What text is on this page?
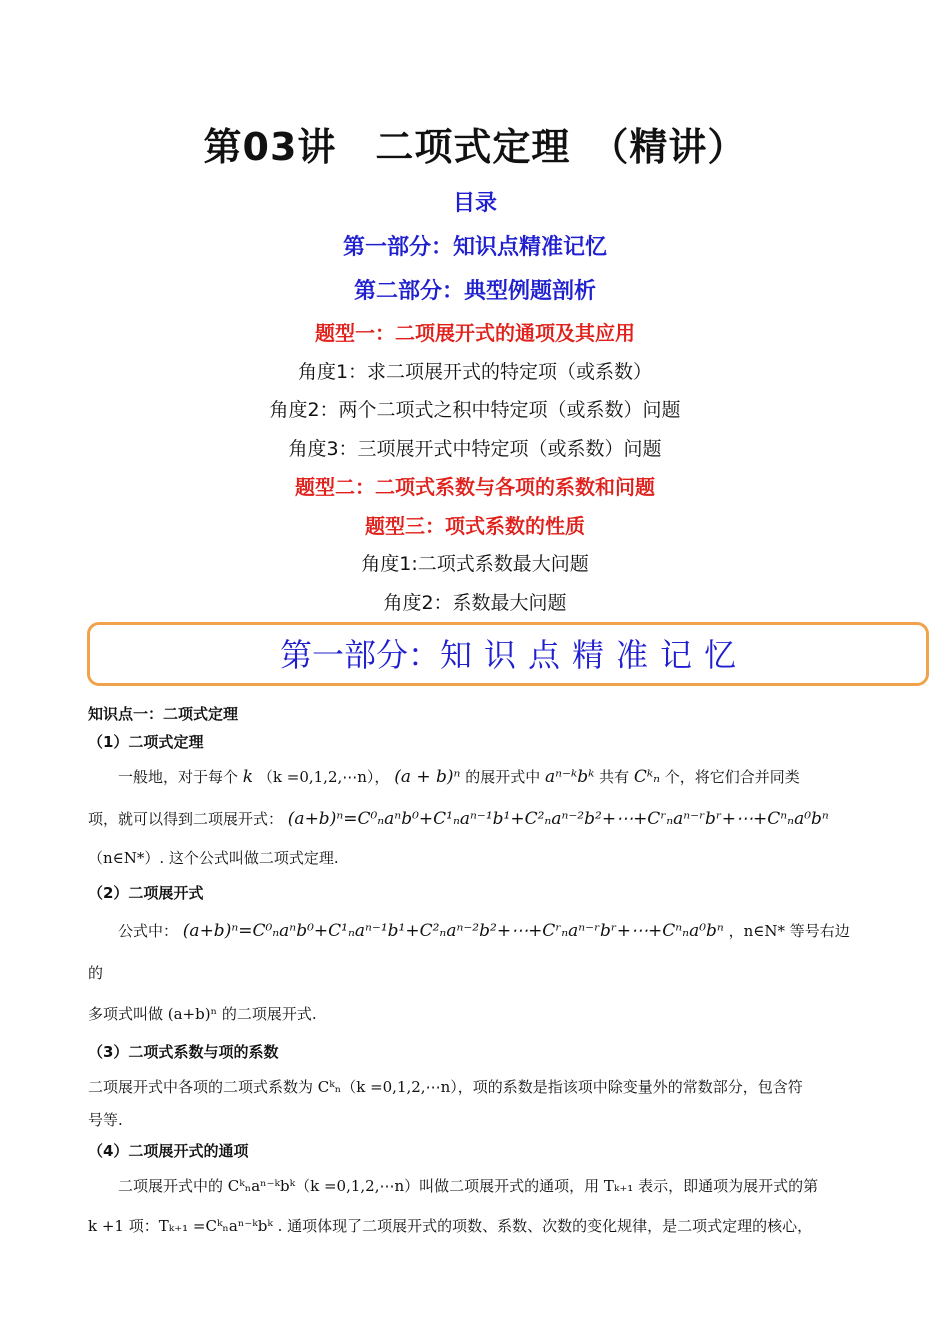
第03讲　二项式定理　（精讲）
目录
第一部分：知识点精准记忆
第二部分：典型例题剖析
题型一：二项展开式的通项及其应用
角度1：求二项展开式的特定项（或系数）
角度2：两个二项式之积中特定项（或系数）问题
角度3：三项展开式中特定项（或系数）问题
题型二：二项式系数与各项的系数和问题
题型三：项式系数的性质
角度1:二项式系数最大问题
角度2：系数最大问题
第一部分：知 识 点 精 准 记 忆
知识点一：二项式定理
（1）二项式定理
一般地，对于每个 k （k =0,1,2,⋯n）， (a + b)ⁿ 的展开式中 aⁿ⁻ᵏbᵏ 共有 Cᵏₙ 个，将它们合并同类
项，就可以得到二项展开式： (a+b)ⁿ=C⁰ₙaⁿb⁰+C¹ₙaⁿ⁻¹b¹+C²ₙaⁿ⁻²b²+⋯+Cʳₙaⁿ⁻ʳbʳ+⋯+Cⁿₙa⁰bⁿ
（n∈N*）. 这个公式叫做二项式定理.
（2）二项展开式
公式中： (a+b)ⁿ=C⁰ₙaⁿb⁰+C¹ₙaⁿ⁻¹b¹+C²ₙaⁿ⁻²b²+⋯+Cʳₙaⁿ⁻ʳbʳ+⋯+Cⁿₙa⁰bⁿ ，n∈N* 等号右边的
多项式叫做 (a+b)ⁿ 的二项展开式.
（3）二项式系数与项的系数
二项展开式中各项的二项式系数为 Cᵏₙ（k =0,1,2,⋯n），项的系数是指该项中除变量外的常数部分，包含符
号等.
（4）二项展开式的通项
二项展开式中的 Cᵏₙaⁿ⁻ᵏbᵏ（k =0,1,2,⋯n）叫做二项展开式的通项，用 Tₖ₊₁ 表示，即通项为展开式的第
k +1 项：Tₖ₊₁ =Cᵏₙaⁿ⁻ᵏbᵏ . 通项体现了二项展开式的项数、系数、次数的变化规律，是二项式定理的核心，
